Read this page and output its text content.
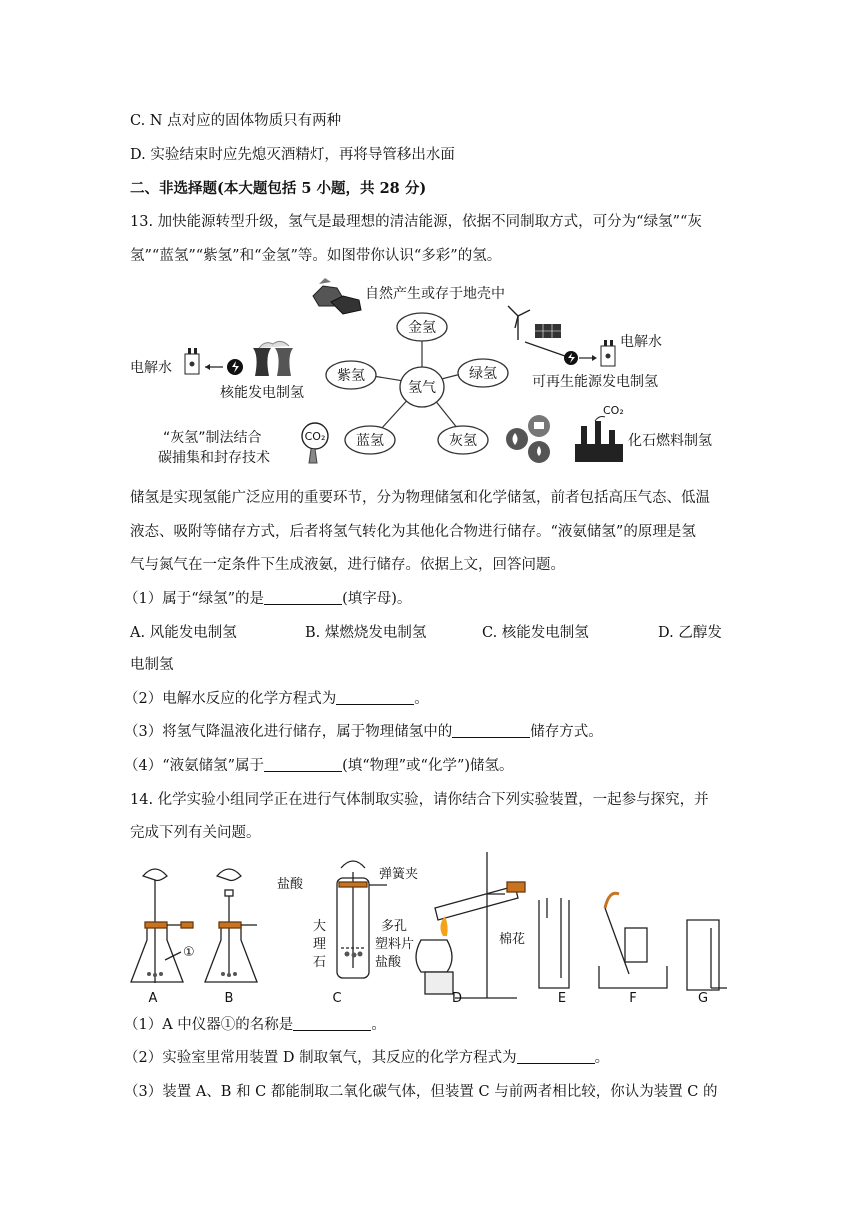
C. N 点对应的固体物质只有两种
D. 实验结束时应先熄灭酒精灯，再将导管移出水面
二、非选择题(本大题包括 5 小题，共 28 分)
13. 加快能源转型升级，氢气是最理想的清洁能源，依据不同制取方式，可分为“绿氢”“灰
氢”“蓝氢”“紫氢”和“金氢”等。如图带你认识“多彩”的氢。
金氢
紫氢	绿氢
氢气
蓝氢	灰氢
自然产生或存于地壳中
电解水
核能发电制氢
电解水
可再生能源发电制氢
“灰氢”制法结合
碳捕集和封存技术
CO₂
CO₂
化石燃料制氢
储氢是实现氢能广泛应用的重要环节，分为物理储氢和化学储氢，前者包括高压气态、低温
液态、吸附等储存方式，后者将氢气转化为其他化合物进行储存。“液氨储氢”的原理是氢
气与氮气在一定条件下生成液氨，进行储存。依据上文，回答问题。
（1）属于“绿氢”的是	(填字母)。
A. 风能发电制氢	B. 煤燃烧发电制氢	C. 核能发电制氢	D. 乙醇发
电制氢
（2）电解水反应的化学方程式为	。
（3）将氢气降温液化进行储存，属于物理储氢中的	储存方式。
（4）“液氨储氢”属于	(填“物理”或“化学”)储氢。
14. 化学实验小组同学正在进行气体制取实验，请你结合下列实验装置，一起参与探究，并
完成下列有关问题。
①
盐酸
弹簧夹
大
理
石
多孔
塑料片
盐酸
棉花
A	B	C	D	E	F	G
（1）A 中仪器①的名称是	。
（2）实验室里常用装置 D 制取氧气，其反应的化学方程式为	。
（3）装置 A、B 和 C 都能制取二氧化碳气体，但装置 C 与前两者相比较，你认为装置 C 的
